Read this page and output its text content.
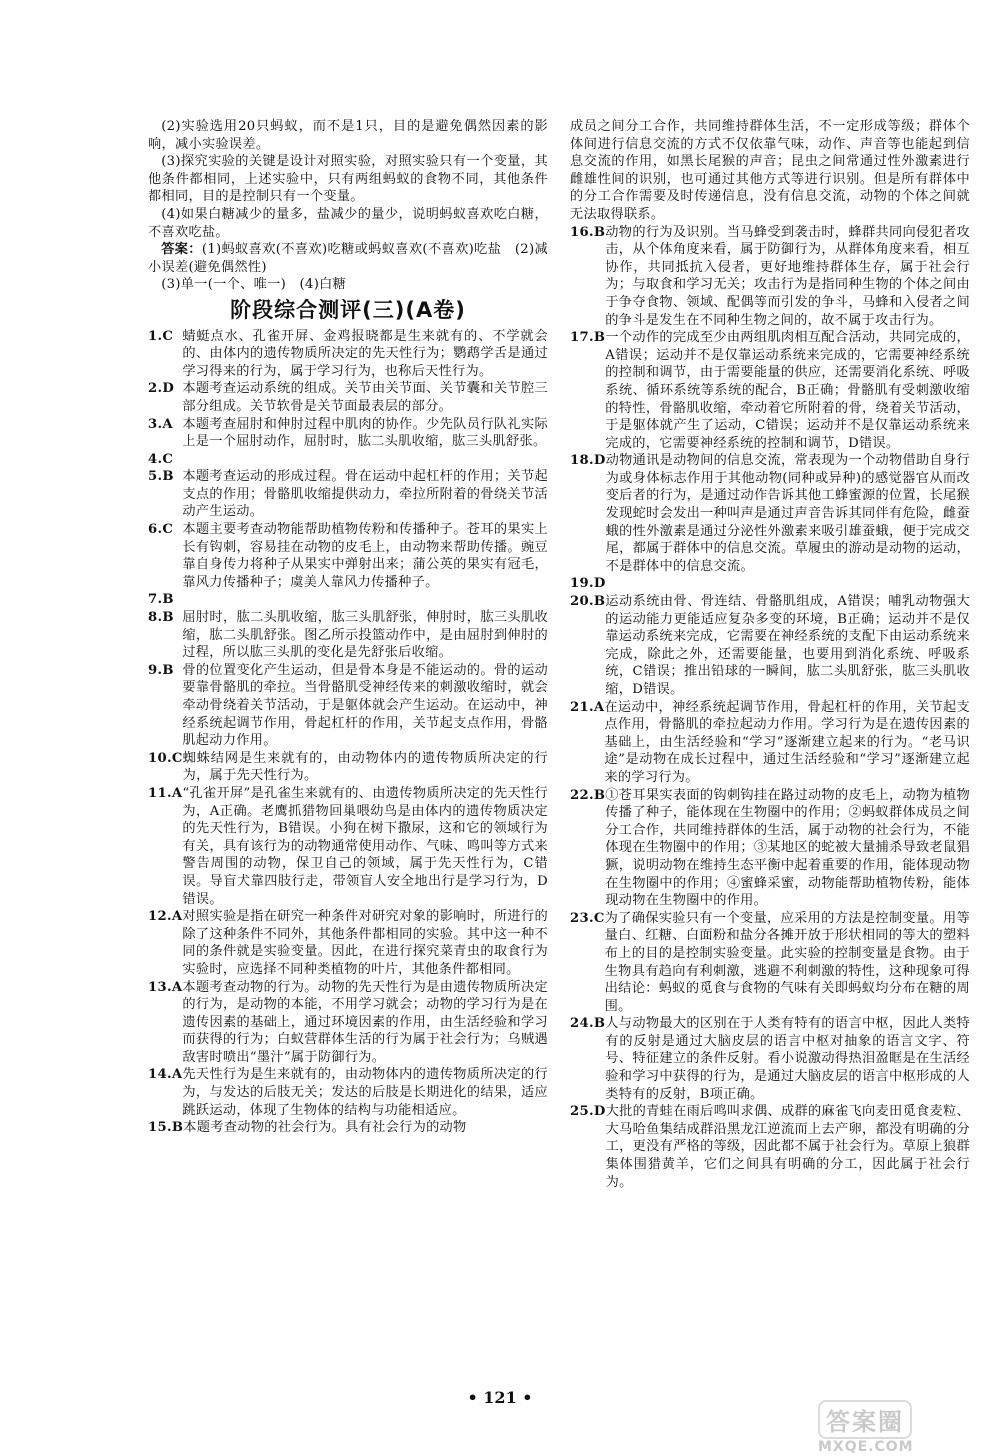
(2)实验选用20只蚂蚁，而不是1只，目的是避免偶然因素的影响，减小实验误差。

(3)探究实验的关键是设计对照实验，对照实验只有一个变量，其他条件都相同，上述实验中，只有两组蚂蚁的食物不同，其他条件都相同，目的是控制只有一个变量。

(4)如果白糖减少的量多，盐减少的量少，说明蚂蚁喜欢吃白糖，不喜欢吃盐。

答案：(1)蚂蚁喜欢(不喜欢)吃糖或蚂蚁喜欢(不喜欢)吃盐　(2)减小误差(避免偶然性)

(3)单一(一个、唯一)　(4)白糖

阶段综合测评(三)(A卷)
1.C 蜻蜓点水、孔雀开屏、金鸡报晓都是生来就有的、不学就会的、由体内的遗传物质所决定的先天性行为；鹦鹉学舌是通过学习得来的行为，属于学习行为，也称后天性行为。
2.D 本题考查运动系统的组成。关节由关节面、关节囊和关节腔三部分组成。关节软骨是关节面最表层的部分。
3.A 本题考查屈肘和伸肘过程中肌肉的协作。少先队员行队礼实际上是一个屈肘动作，屈肘时，肱二头肌收缩，肱三头肌舒张。
4.C
5.B 本题考查运动的形成过程。骨在运动中起杠杆的作用；关节起支点的作用；骨骼肌收缩提供动力，牵拉所附着的骨绕关节活动产生运动。
6.C 本题主要考查动物能帮助植物传粉和传播种子。苍耳的果实上长有钩刺，容易挂在动物的皮毛上，由动物来帮助传播。豌豆靠自身传力将种子从果实中弹射出来；蒲公英的果实有冠毛，靠风力传播种子；虞美人靠风力传播种子。
7.B
8.B 屈肘时，肱二头肌收缩，肱三头肌舒张，伸肘时，肱三头肌收缩，肱二头肌舒张。图乙所示投篮动作中，是由屈肘到伸肘的过程，所以肱三头肌的变化是先舒张后收缩。
9.B 骨的位置变化产生运动，但是骨本身是不能运动的。骨的运动要靠骨骼肌的牵拉。当骨骼肌受神经传来的刺激收缩时，就会牵动骨绕着关节活动，于是躯体就会产生运动。在运动中，神经系统起调节作用，骨起杠杆的作用，关节起支点作用，骨骼肌起动力作用。
10.C 蜘蛛结网是生来就有的，由动物体内的遗传物质所决定的行为，属于先天性行为。
11.A “孔雀开屏”是孔雀生来就有的、由遗传物质所决定的先天性行为，A正确。老鹰抓猎物回巢喂幼鸟是由体内的遗传物质决定的先天性行为，B错误。小狗在树下撒尿，这和它的领域行为有关，具有该行为的动物通常使用动作、气味、鸣叫等方式来警告周围的动物，保卫自己的领域，属于先天性行为，C错误。导盲犬靠四肢行走，带领盲人安全地出行是学习行为，D错误。
12.A 对照实验是指在研究一种条件对研究对象的影响时，所进行的除了这种条件不同外，其他条件都相同的实验。其中这一种不同的条件就是实验变量。因此，在进行探究菜青虫的取食行为实验时，应选择不同种类植物的叶片，其他条件都相同。
13.A 本题考查动物的行为。动物的先天性行为是由遗传物质所决定的行为，是动物的本能，不用学习就会；动物的学习行为是在遗传因素的基础上，通过环境因素的作用，由生活经验和学习而获得的行为；白蚁营群体生活的行为属于社会行为；乌贼遇敌害时喷出“墨汁”属于防御行为。
14.A 先天性行为是生来就有的，由动物体内的遗传物质所决定的行为，与发达的后肢无关；发达的后肢是长期进化的结果，适应跳跃运动，体现了生物体的结构与功能相适应。
15.B 本题考查动物的社会行为。具有社会行为的动物

成员之间分工合作，共同维持群体生活，不一定形成等级；群体个体间进行信息交流的方式不仅依靠气味，动作、声音等也能起到信息交流的作用，如黑长尾猴的声音；昆虫之间常通过性外激素进行雌雄性间的识别，也可通过其他方式等进行识别。但是所有群体中的分工合作需要及时传递信息，没有信息交流，动物的个体之间就无法取得联系。

16.B 动物的行为及识别。当马蜂受到袭击时，蜂群共同向侵犯者攻击，从个体角度来看，属于防御行为，从群体角度来看，相互协作，共同抵抗入侵者，更好地维持群体生存，属于社会行为；与取食和学习无关；攻击行为是指同种生物的个体之间由于争夺食物、领域、配偶等而引发的争斗，马蜂和入侵者之间的争斗是发生在不同种生物之间的，故不属于攻击行为。
17.B 一个动作的完成至少由两组肌肉相互配合活动，共同完成的，A错误；运动并不是仅靠运动系统来完成的，它需要神经系统的控制和调节，由于需要能量的供应，还需要消化系统、呼吸系统、循环系统等系统的配合，B正确；骨骼肌有受刺激收缩的特性，骨骼肌收缩，牵动着它所附着的骨，绕着关节活动，于是躯体就产生了运动，C错误；运动并不是仅靠运动系统来完成的，它需要神经系统的控制和调节，D错误。
18.D 动物通讯是动物间的信息交流，常表现为一个动物借助自身行为或身体标志作用于其他动物(同种或异种)的感觉器官从而改变后者的行为，是通过动作告诉其他工蜂蜜源的位置，长尾猴发现蛇时会发出一种叫声是通过声音告诉其同伴有危险，雌蚕蛾的性外激素是通过分泌性外激素来吸引雄蚕蛾，便于完成交尾，都属于群体中的信息交流。草履虫的游动是动物的运动，不是群体中的信息交流。
19.D
20.B 运动系统由骨、骨连结、骨骼肌组成，A错误；哺乳动物强大的运动能力更能适应复杂多变的环境，B正确；运动并不是仅靠运动系统来完成，它需要在神经系统的支配下由运动系统来完成，除此之外，还需要能量，也要用到消化系统、呼吸系统，C错误；推出铅球的一瞬间，肱二头肌舒张，肱三头肌收缩，D错误。
21.A 在运动中，神经系统起调节作用，骨起杠杆的作用，关节起支点作用，骨骼肌的牵拉起动力作用。学习行为是在遗传因素的基础上，由生活经验和“学习”逐渐建立起来的行为。“老马识途”是动物在成长过程中，通过生活经验和“学习”逐渐建立起来的学习行为。
22.B ①苍耳果实表面的钩刺钩挂在路过动物的皮毛上，动物为植物传播了种子，能体现在生物圈中的作用；②蚂蚁群体成员之间分工合作，共同维持群体的生活，属于动物的社会行为，不能体现在生物圈中的作用；③某地区的蛇被大量捕杀导致老鼠猖獗，说明动物在维持生态平衡中起着重要的作用，能体现动物在生物圈中的作用；④蜜蜂采蜜，动物能帮助植物传粉，能体现动物在生物圈中的作用。
23.C 为了确保实验只有一个变量，应采用的方法是控制变量。用等量白、红糖、白面粉和盐分各摊开放于形状相同的等大的塑料布上的目的是控制实验变量。此实验的控制变量是食物。由于生物具有趋向有利刺激，逃避不利刺激的特性，这种现象可得出结论：蚂蚁的觅食与食物的气味有关即蚂蚁均分布在糖的周围。
24.B 人与动物最大的区别在于人类有特有的语言中枢，因此人类特有的反射是通过大脑皮层的语言中枢对抽象的语言文字、符号、特征建立的条件反射。看小说激动得热泪盈眶是在生活经验和学习中获得的行为，是通过大脑皮层的语言中枢形成的人类特有的反射，B项正确。
25.D 大批的青蛙在雨后鸣叫求偶、成群的麻雀飞向麦田觅食麦粒、大马哈鱼集结成群沿黑龙江逆流而上去产卵，都没有明确的分工，更没有严格的等级，因此都不属于社会行为。草原上狼群集体围猎黄羊，它们之间具有明确的分工，因此属于社会行为。
• 121 •
答案圈
MXQE.COM
